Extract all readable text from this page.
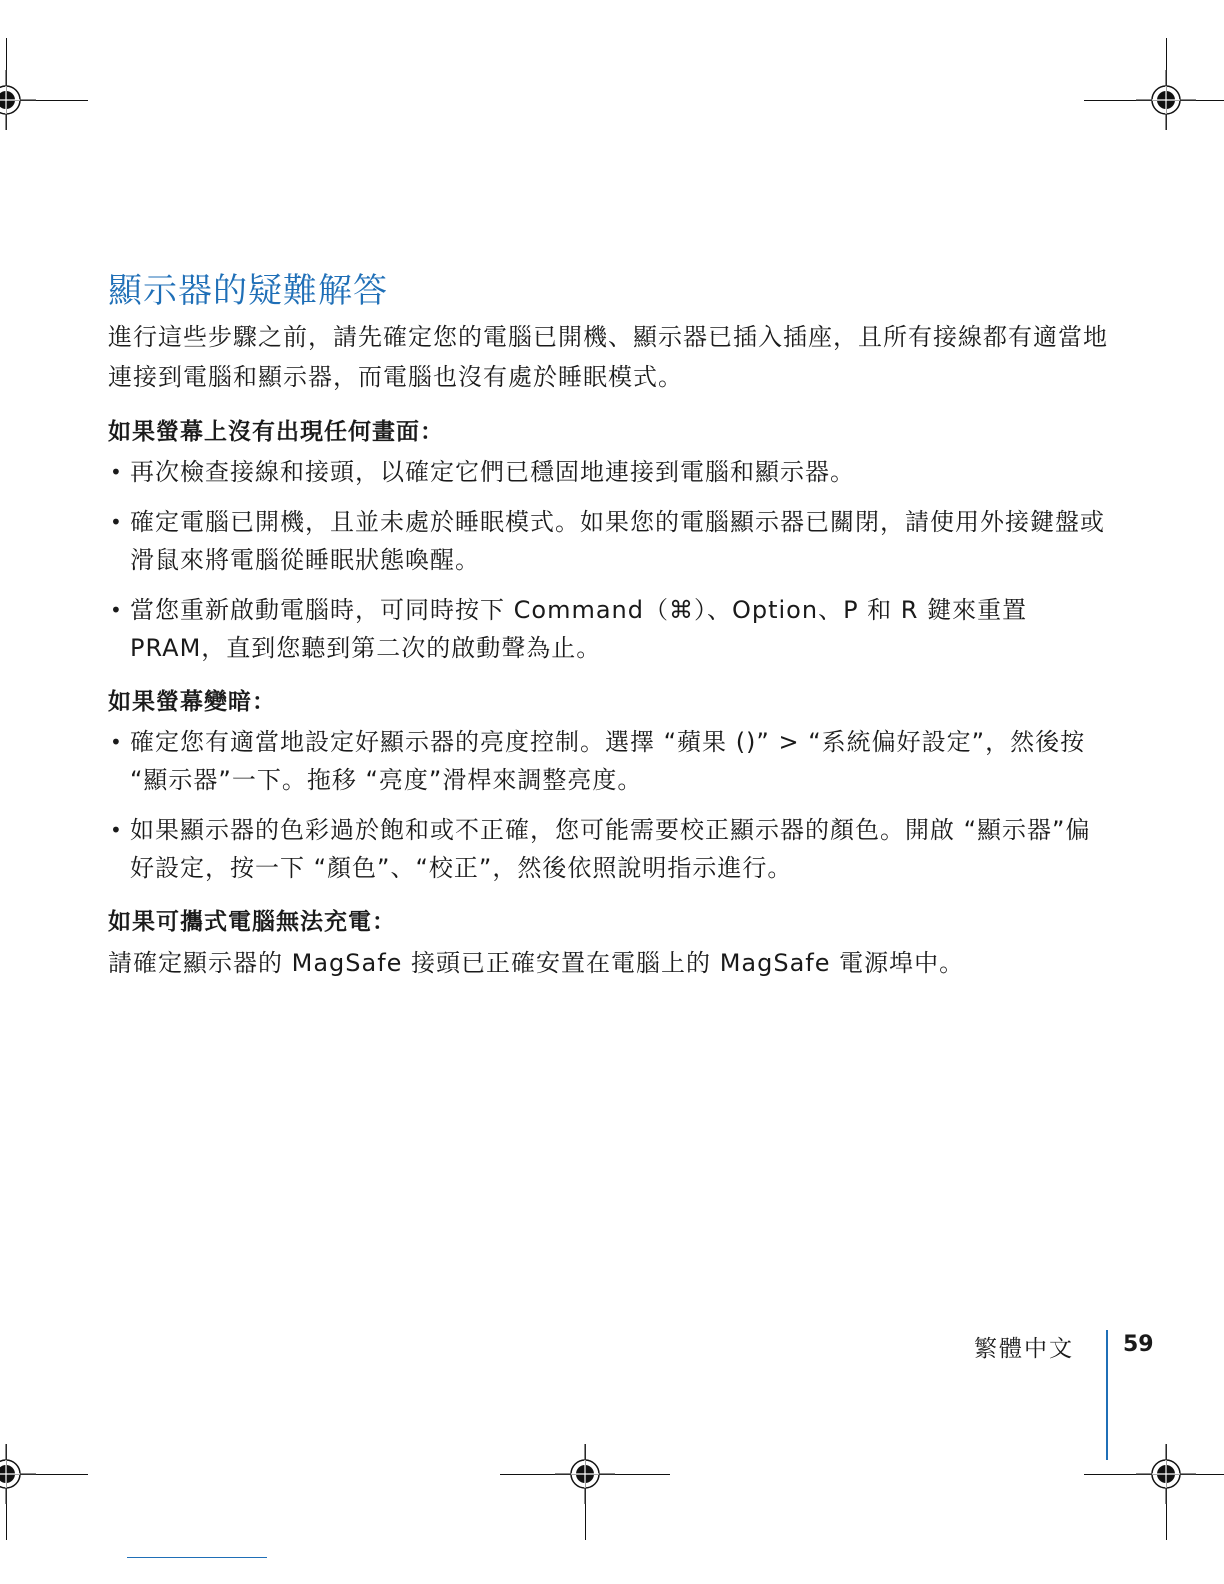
顯示器的疑難解答

進行這些步驟之前，請先確定您的電腦已開機、顯示器已插入插座，且所有接線都有適當地連接到電腦和顯示器，而電腦也沒有處於睡眠模式。

如果螢幕上沒有出現任何畫面：
• 再次檢查接線和接頭，以確定它們已穩固地連接到電腦和顯示器。
• 確定電腦已開機，且並未處於睡眠模式。如果您的電腦顯示器已關閉，請使用外接鍵盤或滑鼠來將電腦從睡眠狀態喚醒。
• 當您重新啟動電腦時，可同時按下 Command（⌘）、Option、P 和 R 鍵來重置 PRAM，直到您聽到第二次的啟動聲為止。
如果螢幕變暗：
• 確定您有適當地設定好顯示器的亮度控制。選擇 “蘋果 ()” > “系統偏好設定”，然後按 “顯示器”一下。拖移 “亮度”滑桿來調整亮度。
• 如果顯示器的色彩過於飽和或不正確，您可能需要校正顯示器的顏色。開啟 “顯示器”偏好設定，按一下 “顏色”、“校正”，然後依照說明指示進行。
如果可攜式電腦無法充電：

請確定顯示器的 MagSafe 接頭已正確安置在電腦上的 MagSafe 電源埠中。

繁體中文 59
